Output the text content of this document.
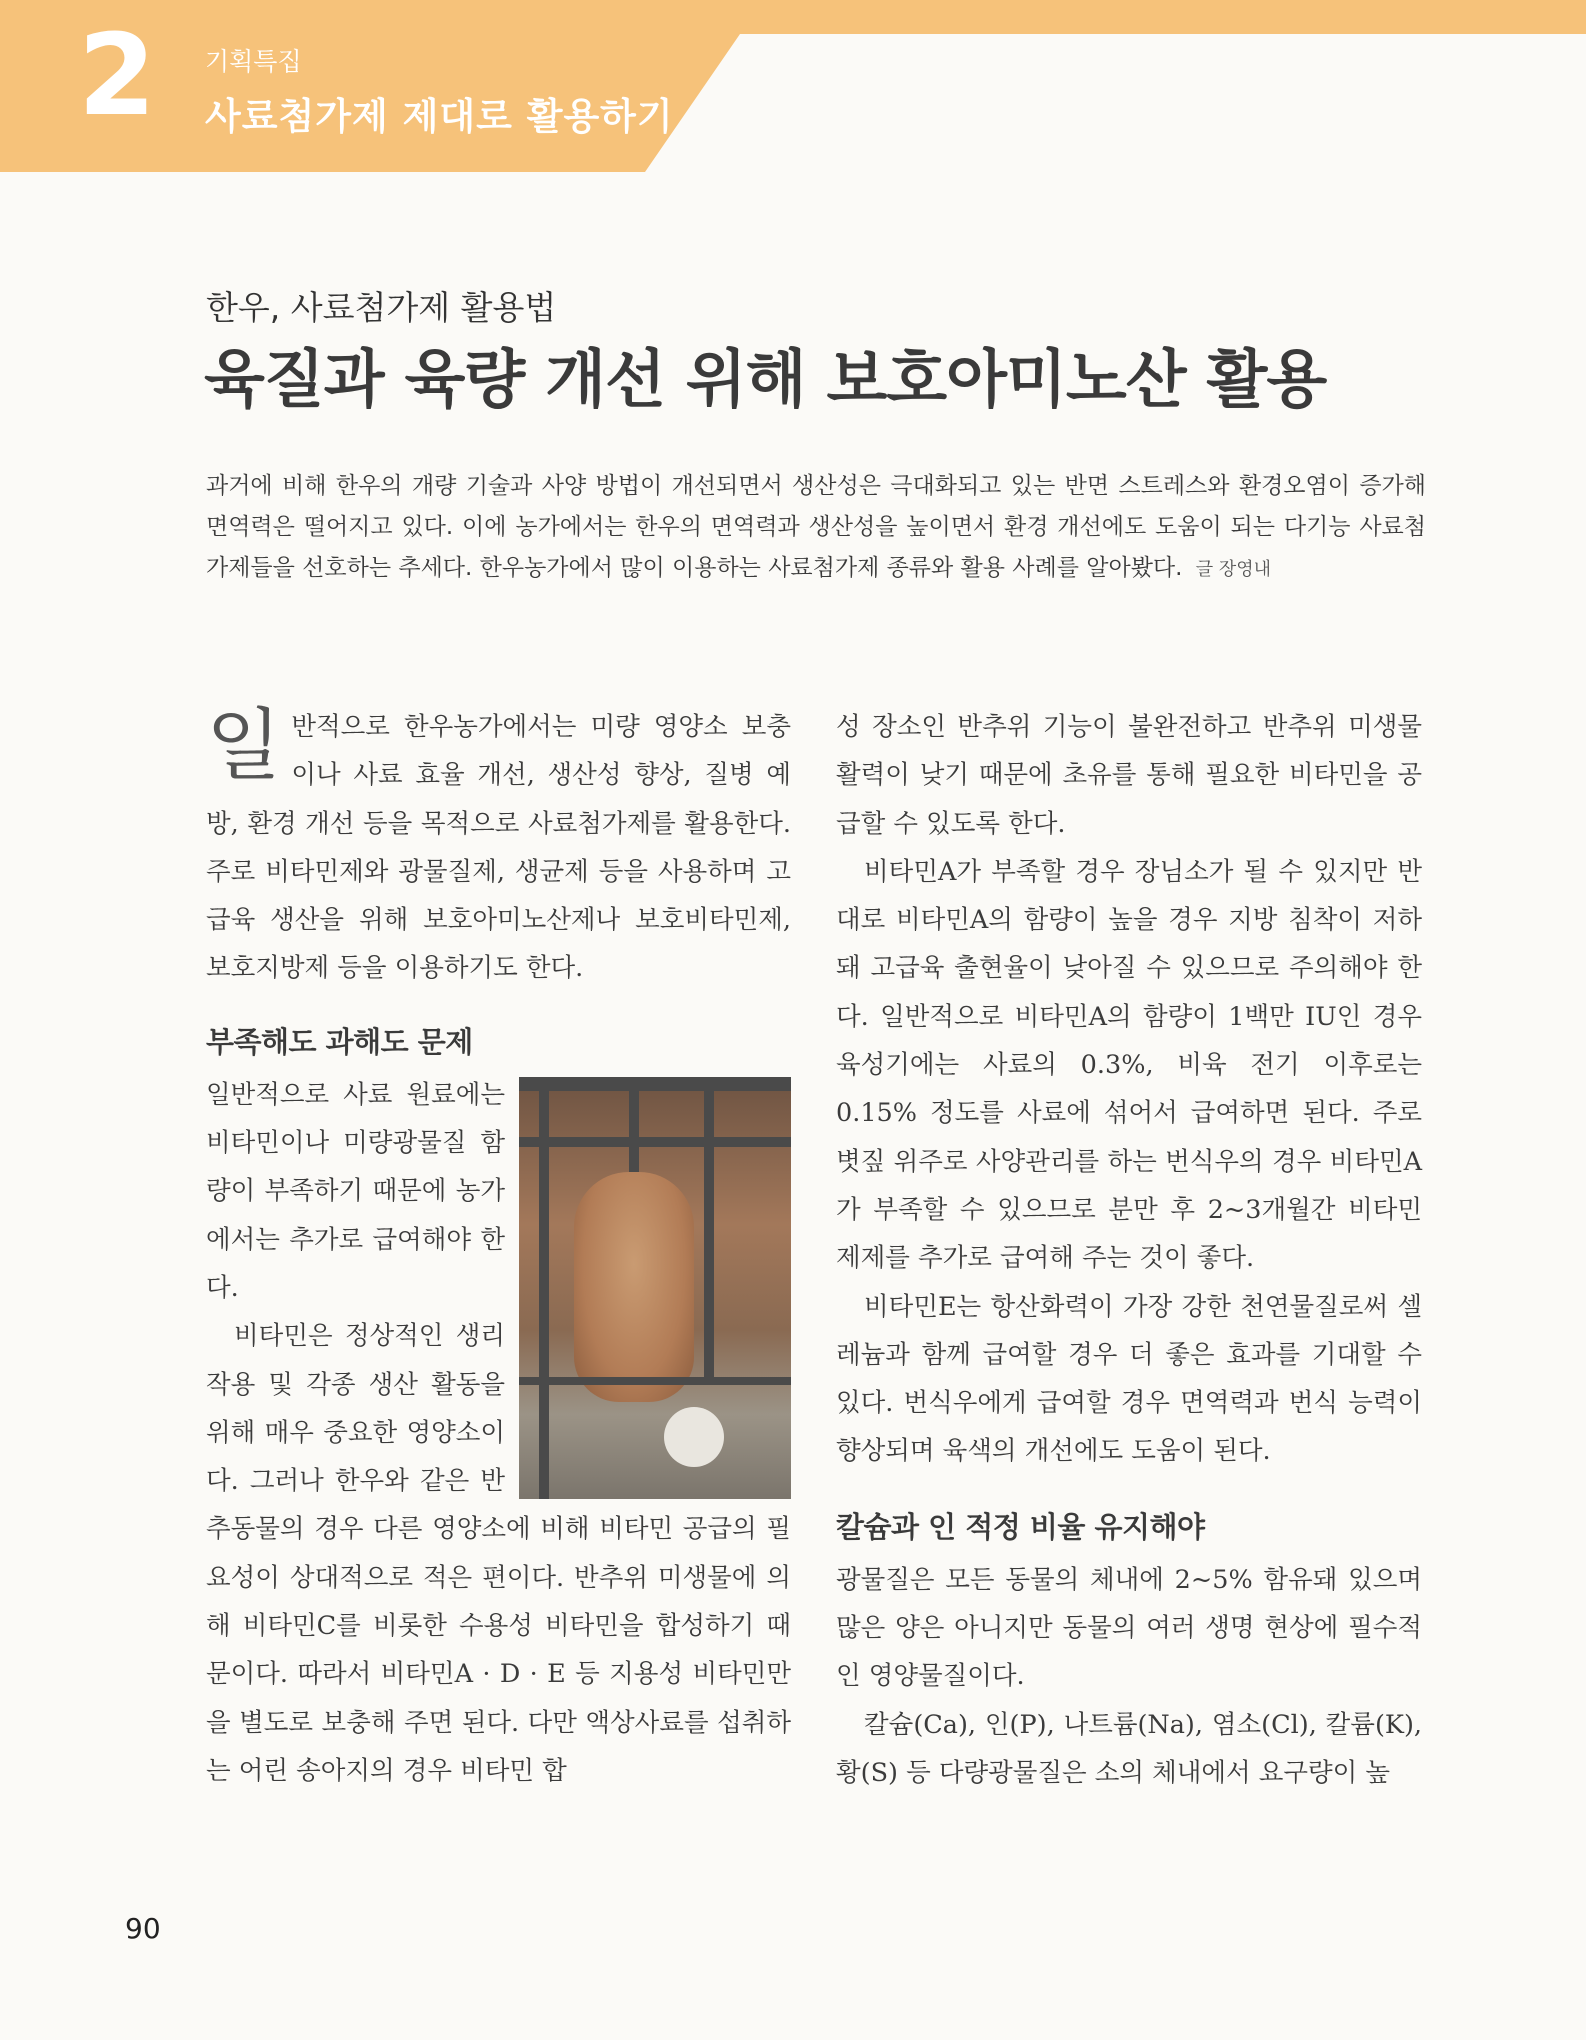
2 기획특집
사료첨가제 제대로 활용하기
한우, 사료첨가제 활용법
육질과 육량 개선 위해 보호아미노산 활용
과거에 비해 한우의 개량 기술과 사양 방법이 개선되면서 생산성은 극대화되고 있는 반면 스트레스와 환경오염이 증가해 면역력은 떨어지고 있다. 이에 농가에서는 한우의 면역력과 생산성을 높이면서 환경 개선에도 도움이 되는 다기능 사료첨가제들을 선호하는 추세다. 한우농가에서 많이 이용하는 사료첨가제 종류와 활용 사례를 알아봤다. 글 장영내

일반적으로 한우농가에서는 미량 영양소 보충이나 사료 효율 개선, 생산성 향상, 질병 예방, 환경 개선 등을 목적으로 사료첨가제를 활용한다. 주로 비타민제와 광물질제, 생균제 등을 사용하며 고급육 생산을 위해 보호아미노산제나 보호비타민제, 보호지방제 등을 이용하기도 한다.

부족해도 과해도 문제

일반적으로 사료 원료에는 비타민이나 미량광물질 함량이 부족하기 때문에 농가에서는 추가로 급여해야 한다.

비타민은 정상적인 생리작용 및 각종 생산 활동을 위해 매우 중요한 영양소이다. 그러나 한우와 같은 반추동물의 경우 다른 영양소에 비해 비타민 공급의 필요성이 상대적으로 적은 편이다. 반추위 미생물에 의해 비타민C를 비롯한 수용성 비타민을 합성하기 때문이다. 따라서 비타민A · D · E 등 지용성 비타민만을 별도로 보충해 주면 된다. 다만 액상사료를 섭취하는 어린 송아지의 경우 비타민 합

성 장소인 반추위 기능이 불완전하고 반추위 미생물 활력이 낮기 때문에 초유를 통해 필요한 비타민을 공급할 수 있도록 한다.

비타민A가 부족할 경우 장님소가 될 수 있지만 반대로 비타민A의 함량이 높을 경우 지방 침착이 저하돼 고급육 출현율이 낮아질 수 있으므로 주의해야 한다. 일반적으로 비타민A의 함량이 1백만 IU인 경우 육성기에는 사료의 0.3%, 비육 전기 이후로는 0.15% 정도를 사료에 섞어서 급여하면 된다. 주로 볏짚 위주로 사양관리를 하는 번식우의 경우 비타민A가 부족할 수 있으므로 분만 후 2~3개월간 비타민 제제를 추가로 급여해 주는 것이 좋다.

비타민E는 항산화력이 가장 강한 천연물질로써 셀레늄과 함께 급여할 경우 더 좋은 효과를 기대할 수 있다. 번식우에게 급여할 경우 면역력과 번식 능력이 향상되며 육색의 개선에도 도움이 된다.

칼슘과 인 적정 비율 유지해야

광물질은 모든 동물의 체내에 2~5% 함유돼 있으며 많은 양은 아니지만 동물의 여러 생명 현상에 필수적인 영양물질이다.

칼슘(Ca), 인(P), 나트륨(Na), 염소(Cl), 칼륨(K), 황(S) 등 다량광물질은 소의 체내에서 요구량이 높

90
